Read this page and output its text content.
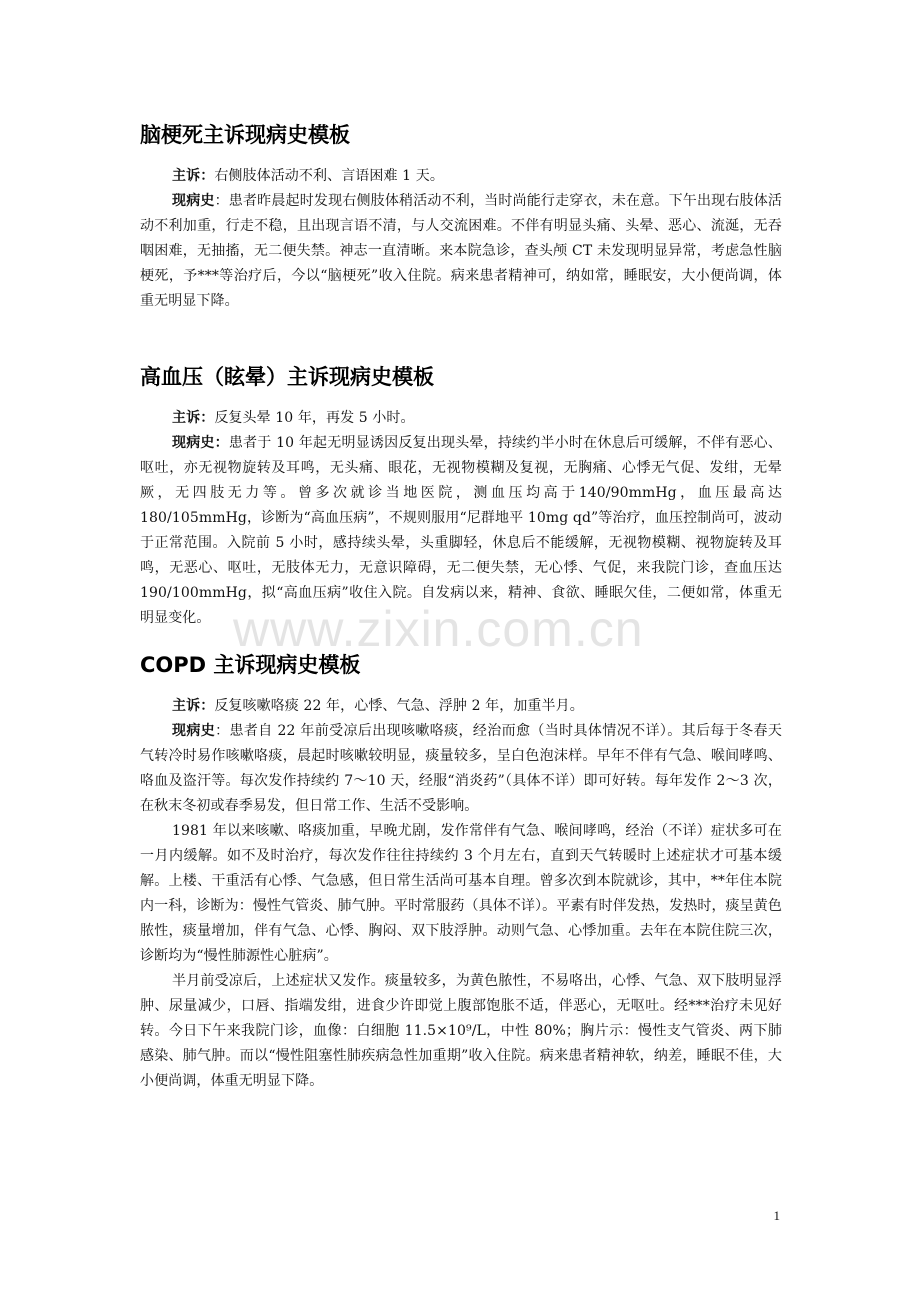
脑梗死主诉现病史模板

主诉：右侧肢体活动不利、言语困难 1 天。

现病史：患者昨晨起时发现右侧肢体稍活动不利，当时尚能行走穿衣，未在意。下午出现右肢体活动不利加重，行走不稳，且出现言语不清，与人交流困难。不伴有明显头痛、头晕、恶心、流涎，无吞咽困难，无抽搐，无二便失禁。神志一直清晰。来本院急诊，查头颅 CT 未发现明显异常，考虑急性脑梗死，予***等治疗后，今以“脑梗死”收入住院。病来患者精神可，纳如常，睡眠安，大小便尚调，体重无明显下降。

高血压（眩晕）主诉现病史模板

主诉：反复头晕 10 年，再发 5 小时。

现病史：患者于 10 年起无明显诱因反复出现头晕，持续约半小时在休息后可缓解，不伴有恶心、呕吐，亦无视物旋转及耳鸣，无头痛、眼花，无视物模糊及复视，无胸痛、心悸无气促、发绀，无晕厥，无四肢无力等。曾多次就诊当地医院，测血压均高于140/90mmHg，血压最高达 180/105mmHg，诊断为“高血压病”，不规则服用“尼群地平 10mg qd”等治疗，血压控制尚可，波动于正常范围。入院前 5 小时，感持续头晕，头重脚轻，休息后不能缓解，无视物模糊、视物旋转及耳鸣，无恶心、呕吐，无肢体无力，无意识障碍，无二便失禁，无心悸、气促，来我院门诊，查血压达 190/100mmHg，拟“高血压病”收住入院。自发病以来，精神、食欲、睡眠欠佳，二便如常，体重无明显变化。

COPD 主诉现病史模板

主诉：反复咳嗽咯痰 22 年，心悸、气急、浮肿 2 年，加重半月。

现病史：患者自 22 年前受凉后出现咳嗽咯痰，经治而愈（当时具体情况不详）。其后每于冬春天气转冷时易作咳嗽咯痰，晨起时咳嗽较明显，痰量较多，呈白色泡沫样。早年不伴有气急、喉间哮鸣、咯血及盗汗等。每次发作持续约 7～10 天，经服“消炎药”（具体不详）即可好转。每年发作 2～3 次，在秋末冬初或春季易发，但日常工作、生活不受影响。

1981 年以来咳嗽、咯痰加重，早晚尤剧，发作常伴有气急、喉间哮鸣，经治（不详）症状多可在一月内缓解。如不及时治疗，每次发作往往持续约 3 个月左右，直到天气转暖时上述症状才可基本缓解。上楼、干重活有心悸、气急感，但日常生活尚可基本自理。曾多次到本院就诊，其中，**年住本院内一科，诊断为：慢性气管炎、肺气肿。平时常服药（具体不详）。平素有时伴发热，发热时，痰呈黄色脓性，痰量增加，伴有气急、心悸、胸闷、双下肢浮肿。动则气急、心悸加重。去年在本院住院三次，诊断均为“慢性肺源性心脏病”。

半月前受凉后，上述症状又发作。痰量较多，为黄色脓性，不易咯出，心悸、气急、双下肢明显浮肿、尿量减少，口唇、指端发绀，进食少许即觉上腹部饱胀不适，伴恶心，无呕吐。经***治疗未见好转。今日下午来我院门诊，血像：白细胞 11.5×10⁹/L，中性 80%；胸片示：慢性支气管炎、两下肺感染、肺气肿。而以“慢性阻塞性肺疾病急性加重期”收入住院。病来患者精神软，纳差，睡眠不佳，大小便尚调，体重无明显下降。

www.zixin.com.cn
1
